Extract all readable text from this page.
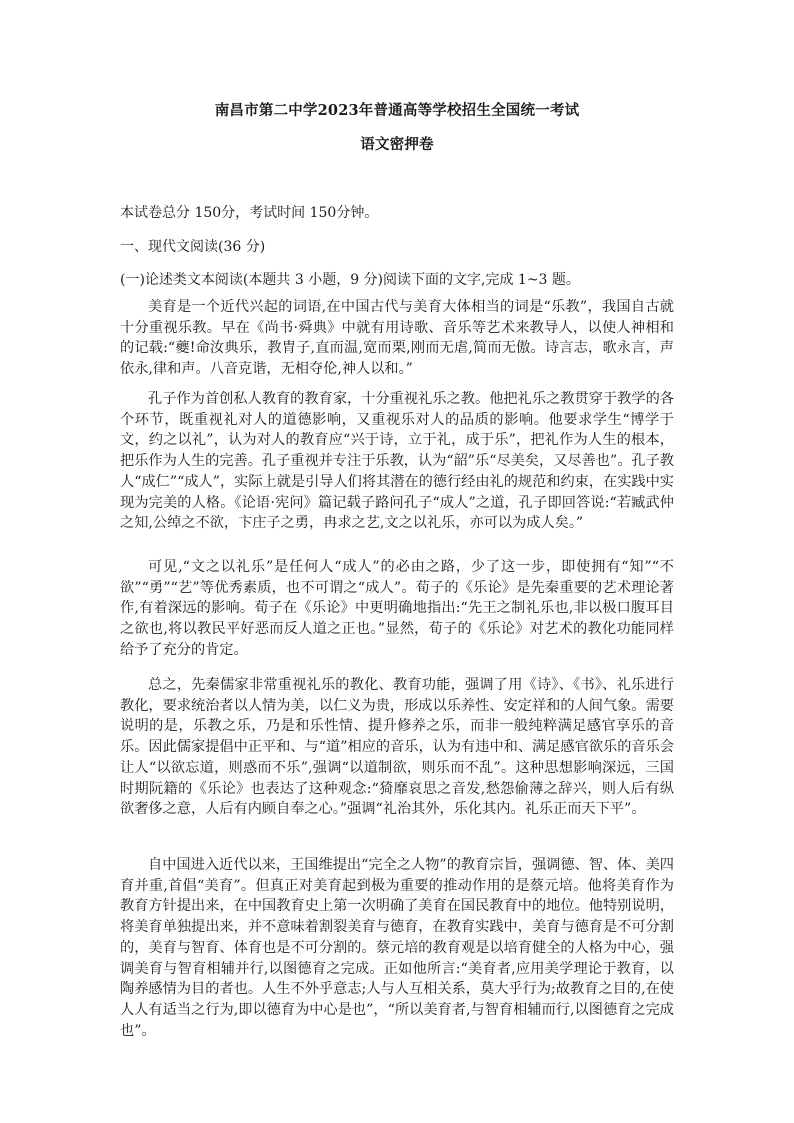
南昌市第二中学2023年普通高等学校招生全国统一考试
语文密押卷
本试卷总分 150分，考试时间 150分钟。
一、现代文阅读(36 分)
(一)论述类文本阅读(本题共 3 小题，9 分)阅读下面的文字,完成 1~3 题。

美育是一个近代兴起的词语,在中国古代与美育大体相当的词是“乐教”，我国自古就十分重视乐教。早在《尚书·舜典》中就有用诗歌、音乐等艺术来教导人，以使人神相和的记载:“夔!命汝典乐，教胄子,直而温,宽而栗,刚而无虐,简而无傲。诗言志，歌永言，声依永,律和声。八音克谐，无相夺伦,神人以和。”

孔子作为首创私人教育的教育家，十分重视礼乐之教。他把礼乐之教贯穿于教学的各个环节，既重视礼对人的道德影响，又重视乐对人的品质的影响。他要求学生“博学于文，约之以礼”，认为对人的教育应“兴于诗，立于礼，成于乐”，把礼作为人生的根本，把乐作为人生的完善。孔子重视并专注于乐教，认为“韶”乐“尽美矣，又尽善也”。孔子教人“成仁”“成人”，实际上就是引导人们将其潜在的德行经由礼的规范和约束，在实践中实现为完美的人格。《论语·宪问》篇记载子路问孔子“成人”之道，孔子即回答说:“若臧武仲之知,公绰之不欲，卞庄子之勇，冉求之艺,文之以礼乐，亦可以为成人矣。”

可见,“文之以礼乐”是任何人“成人”的必由之路，少了这一步，即使拥有“知”“不欲”“勇”“艺”等优秀素质，也不可谓之“成人”。荀子的《乐论》是先秦重要的艺术理论著作,有着深远的影响。荀子在《乐论》中更明确地指出:“先王之制礼乐也,非以极口腹耳目之欲也,将以教民平好恶而反人道之正也。”显然，荀子的《乐论》对艺术的教化功能同样给予了充分的肯定。

总之，先秦儒家非常重视礼乐的教化、教育功能，强调了用《诗》、《书》、礼乐进行教化，要求统治者以人情为美，以仁义为贵，形成以乐养性、安定祥和的人间气象。需要说明的是，乐教之乐，乃是和乐性情、提升修养之乐，而非一般纯粹满足感官享乐的音乐。因此儒家提倡中正平和、与“道”相应的音乐，认为有违中和、满足感官欲乐的音乐会让人“以欲忘道，则惑而不乐”,强调“以道制欲，则乐而不乱”。这种思想影响深远，三国时期阮籍的《乐论》也表达了这种观念:“猗靡哀思之音发,愁怨偷薄之辞兴，则人后有纵欲奢侈之意，人后有内顾自奉之心。”强调“礼治其外，乐化其内。礼乐正而天下平”。

自中国进入近代以来，王国维提出“完全之人物”的教育宗旨，强调德、智、体、美四育并重,首倡“美育”。但真正对美育起到极为重要的推动作用的是蔡元培。他将美育作为教育方针提出来，在中国教育史上第一次明确了美育在国民教育中的地位。他特别说明，将美育单独提出来，并不意味着割裂美育与德育，在教育实践中，美育与德育是不可分割的，美育与智育、体育也是不可分割的。蔡元培的教育观是以培育健全的人格为中心，强调美育与智育相辅并行,以图德育之完成。正如他所言:“美育者,应用美学理论于教育，以陶养感情为目的者也。人生不外乎意志;人与人互相关系，莫大乎行为;故教育之目的,在使人人有适当之行为,即以德育为中心是也”，“所以美育者,与智育相辅而行,以图德育之完成也”。
